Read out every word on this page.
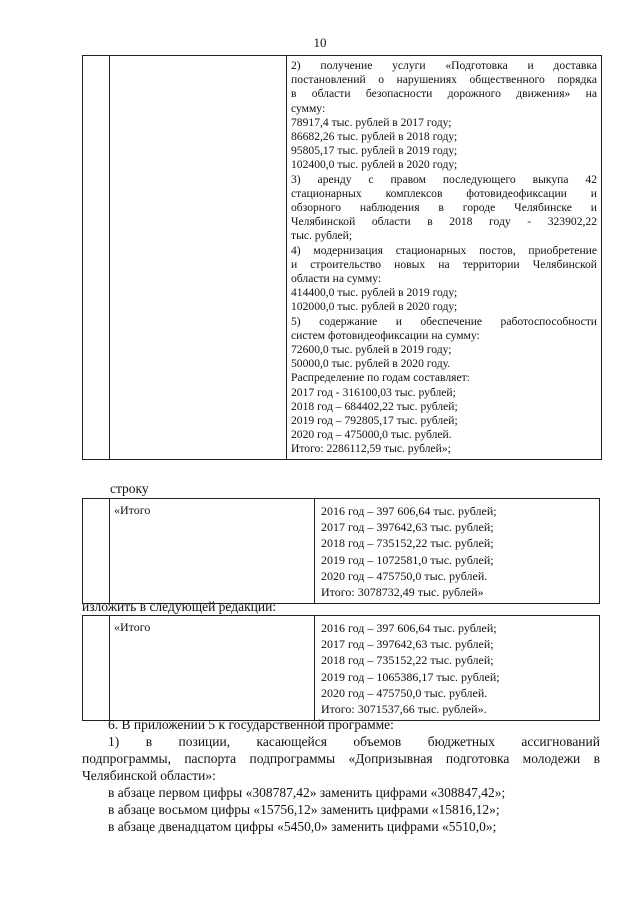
10

2) получение услуги «Подготовка и доставка
постановлений о нарушениях общественного порядка
в области безопасности дорожного движения» на
сумму:
78917,4 тыс. рублей в 2017 году;
86682,26 тыс. рублей в 2018 году;
95805,17 тыс. рублей в 2019 году;
102400,0 тыс. рублей в 2020 году;
3) аренду с правом последующего выкупа 42
стационарных комплексов фотовидеофиксации и
обзорного наблюдения в городе Челябинске и
Челябинской области в 2018 году - 323902,22
тыс. рублей;
4) модернизация стационарных постов, приобретение
и строительство новых на территории Челябинской
области на сумму:
414400,0 тыс. рублей в 2019 году;
102000,0 тыс. рублей в 2020 году;
5) содержание и обеспечение работоспособности
систем фотовидеофиксации на сумму:
72600,0 тыс. рублей в 2019 году;
50000,0 тыс. рублей в 2020 году.
Распределение по годам составляет:
2017 год - 316100,03 тыс. рублей;
2018 год – 684402,22 тыс. рублей;
2019 год – 792805,17 тыс. рублей;
2020 год – 475000,0 тыс. рублей.
Итого: 2286112,59 тыс. рублей»;
строку
	«Итого	2016 год – 397 606,64 тыс. рублей;
2017 год – 397642,63 тыс. рублей;
2018 год – 735152,22 тыс. рублей;
2019 год – 1072581,0 тыс. рублей;
2020 год – 475750,0 тыс. рублей.
Итого: 3078732,49 тыс. рублей»
изложить в следующей редакции:
	«Итого	2016 год – 397 606,64 тыс. рублей;
2017 год – 397642,63 тыс. рублей;
2018 год – 735152,22 тыс. рублей;
2019 год – 1065386,17 тыс. рублей;
2020 год – 475750,0 тыс. рублей.
Итого: 3071537,66 тыс. рублей».
6. В приложении 5 к государственной программе:
1) в позиции, касающейся объемов бюджетных ассигнований
подпрограммы, паспорта подпрограммы «Допризывная подготовка молодежи в
Челябинской области»:
в абзаце первом цифры «308787,42» заменить цифрами «308847,42»;
в абзаце восьмом цифры «15756,12» заменить цифрами «15816,12»;
в абзаце двенадцатом цифры «5450,0» заменить цифрами «5510,0»;
